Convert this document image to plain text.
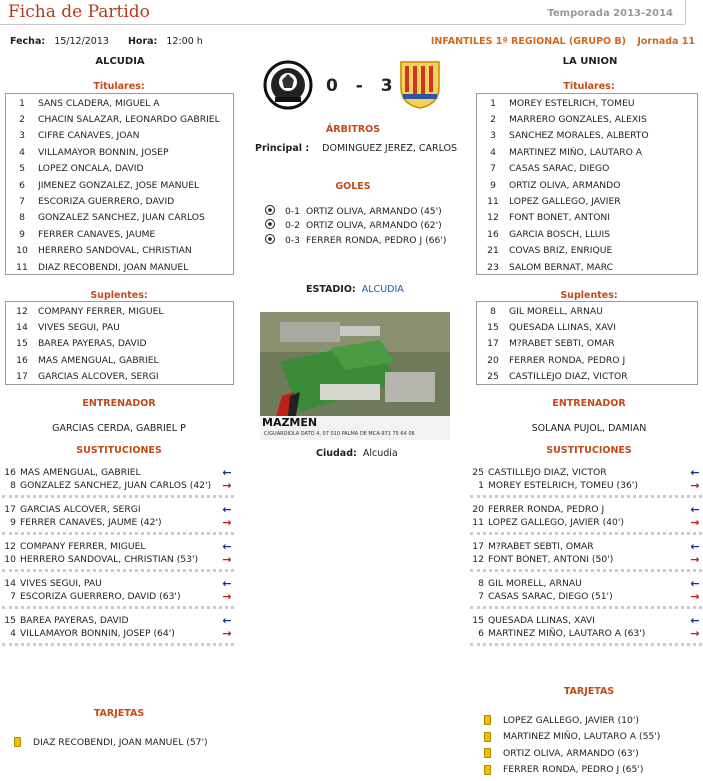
Ficha de Partido	Temporada 2013-2014
Fecha: 15/12/2013 Hora: 12:00 h	INFANTILES 1ª REGIONAL (GRUPO B) Jornada 11
ALCUDIA	LA UNION
Titulares:
1	SANS CLADERA, MIGUEL A
2	CHACIN SALAZAR, LEONARDO GABRIEL
3	CIFRE CANAVES, JOAN
4	VILLAMAYOR BONNIN, JOSEP
5	LOPEZ ONCALA, DAVID
6	JIMENEZ GONZALEZ, JOSE MANUEL
7	ESCORIZA GUERRERO, DAVID
8	GONZALEZ SANCHEZ, JUAN CARLOS
9	FERRER CANAVES, JAUME
10	HERRERO SANDOVAL, CHRISTIAN
11	DIAZ RECOBENDI, JOAN MANUEL
Suplentes:
12	COMPANY FERRER, MIGUEL
14	VIVES SEGUI, PAU
15	BAREA PAYERAS, DAVID
16	MAS AMENGUAL, GABRIEL
17	GARCIAS ALCOVER, SERGI
Titulares:
1	MOREY ESTELRICH, TOMEU
2	MARRERO GONZALES, ALEXIS
3	SANCHEZ MORALES, ALBERTO
4	MARTINEZ MIÑO, LAUTARO A
7	CASAS SARAC, DIEGO
9	ORTIZ OLIVA, ARMANDO
11	LOPEZ GALLEGO, JAVIER
12	FONT BONET, ANTONI
16	GARCIA BOSCH, LLUIS
21	COVAS BRIZ, ENRIQUE
23	SALOM BERNAT, MARC
Suplentes:
8	GIL MORELL, ARNAU
15	QUESADA LLINAS, XAVI
17	M?RABET SEBTI, OMAR
20	FERRER RONDA, PEDRO J
25	CASTILLEJO DIAZ, VICTOR
0 - 3
ÁRBITROS
Principal : DOMINGUEZ JEREZ, CARLOS
GOLES
0-1 ORTIZ OLIVA, ARMANDO (45')
0-2 ORTIZ OLIVA, ARMANDO (62')
0-3 FERRER RONDA, PEDRO J (66')
ESTADIO: ALCUDIA
MAZMEN
C/GUARDIOLA DATO 4, 07 010 PALMA DE MCA-971 75 64 06
Ciudad: Alcudia
ENTRENADOR
GARCIAS CERDA, GABRIEL P
ENTRENADOR
SOLANA PUJOL, DAMIAN
SUSTITUCIONES
16 MAS AMENGUAL, GABRIEL	←
8 GONZALEZ SANCHEZ, JUAN CARLOS (42')	→
17 GARCIAS ALCOVER, SERGI	←
9 FERRER CANAVES, JAUME (42')	→
12 COMPANY FERRER, MIGUEL	←
10 HERRERO SANDOVAL, CHRISTIAN (53')	→
14 VIVES SEGUI, PAU	←
7 ESCORIZA GUERRERO, DAVID (63')	→
15 BAREA PAYERAS, DAVID	←
4 VILLAMAYOR BONNIN, JOSEP (64')	→
SUSTITUCIONES
25 CASTILLEJO DIAZ, VICTOR	←
1 MOREY ESTELRICH, TOMEU (36')	→
20 FERRER RONDA, PEDRO J	←
11 LOPEZ GALLEGO, JAVIER (40')	→
17 M?RABET SEBTI, OMAR	←
12 FONT BONET, ANTONI (50')	→
8 GIL MORELL, ARNAU	←
7 CASAS SARAC, DIEGO (51')	→
15 QUESADA LLINAS, XAVI	←
6 MARTINEZ MIÑO, LAUTARO A (63')	→
TARJETAS
DIAZ RECOBENDI, JOAN MANUEL (57')
TARJETAS
LOPEZ GALLEGO, JAVIER (10')
MARTINEZ MIÑO, LAUTARO A (55')
ORTIZ OLIVA, ARMANDO (63')
FERRER RONDA, PEDRO J (65')
